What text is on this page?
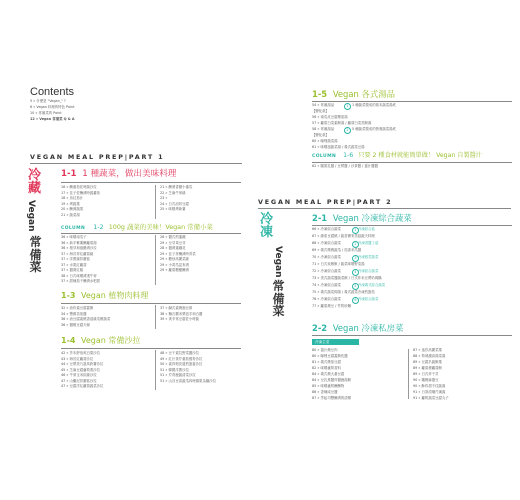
Contents
5 » 什麼是 "Vegan_" ?
6 » Vegan 料理的特色 Point
10 » 常備菜的 Point
12 » Vegan 常備菜 Q & A
VEGAN MEAL PREP|PART 1
冷
藏
Vegan
常
備
菜
1-1 1 種蔬菜，做出美味料理
16 » 醃番茄佐時蔬沙拉
17 » 韭子佐醃漬時蔬蕃茄
18 » 烏紅茄汁
19 » 烤蔬捲
20 » 醃漬蔬果
21 » 蔬菜湯
21 » 醃漬香蘑小番瓜
22 » 芝麻牛蒡絲
23 »
24 » 日式涼拌豆腐
25 » 味噌烤新薯
COLUMN 1-2 100g 蔬菜的美味！Vegan 常備小菜
36 » 味噌南瓜子
36 » 新芋紫薯醃蘿蔔湯
36 » 根芽和風醋漬沙拉
37 » 海苔拌紅蘿蔔絲
37 » 洋蔥絲拌蘑菇
37 » 水果紅蘿蔔
37 » 醬漬紅椒
38 » 日式味噌漬淺牛蒡
37 » 甜辣茄干醃漬水杷甜
28 » 醬式煎蓮藕
29 » 豆芽黃豆芽
28 » 醬漬蓮藕花
29 » 韭子拌醃漬時青菜
29 » 糖炒高麗菜絲
29 » 小黃瓜昆布漬
29 » 蘿蔔糖醋醃漬
1-3 Vegan 植物肉料理
32 » 油炸素豆腐蓋飯
34 » 豐郵苗茄醬
36 » 油豆腐素燒香菇絲瓜燉蔬菜
36 » 醬燒豆腐天婦
37 » 鹹式素燒豌豆兩
38 » 麵衣糯米漿泡芋和白醬
39 » 爽辛常豆腐佐小時蔬
1-4 Vegan 常備沙拉
42 » 芥末舒佰莢白果沙拉
43 » 海苔紅蘿蔔沙拉
44 » 豆漿美乃滋馬鈴薯沙拉
45 » 芝麻豆腐蘆筍燕沙拉
46 » 牛蒡玉米綜絲沙拉
47 » 山藥尼拌蘑菇沙拉
47 » 豆腐洋紅蘿蔔蔬菜沙拉
48 » 豆干素拉野菜醬沙拉
49 » 紅汁茶芹番茄藜麥沙拉
50 » 素肉帕皮邊煎蛋薑沙拉
51 » 韓國洋蔥沙拉
51 » 芹青鹿蔬清菜沙拉
51 » 山谷豆高蔬瓜四時繽果為鍋沙拉
1-5 Vegan 各式湯品
54 » 常備湯品	1	1 種蔬菜製成的基本蔬菜湯底
【變化款】
56 » 南瓜皮豆腐燉茄湯
57 » 蘿蔔白菜素飯湯 / 蘿蔔白菜蒸飯湯
58 » 常備湯品	2	5 種蔬菜製成的營養蔬菜湯底
【變化款】
60 » 咖哩蔬菜湯
61 » 味噌風蔬菜湯 / 義式蔬菜豆湯
COLUMN 1-6 只要 2 種食材就能簡單做！ Vegan 自製醬汁
62 » 腰果乳醬 / 豆漿醬 / 沙茶醬 / 薑汁醬醬
VEGAN MEAL PREP|PART 2
冷
凍
Vegan
常
備
菜
2-1 Vegan 冷凍綜合蔬菜
66 » 冷凍綜合蔬菜	1 冷凍綜合菇
67 » 綠茄豆腐燒 / 蔬香蕎麥蒸菇蔬天料理
68 » 冷凍綜合蔬菜	2 冷凍香醬工菇
69 » 義式燉燒蔬瓜 / 茄漆米瓜醬
70 » 冷凍綜合蔬菜	3 冷凍根莖蔬菜
71 » 日式炊飯飯 / 蔬菜味噌野菜湯
72 » 冷凍綜合蔬菜	4 冷凍綜合蔬菜
73 » 美式蔬菜醬蔬菜飯 / 日式炸米豆漿奶焗鍋
74 » 冷凍綜合蔬菜	5 冷凍義式綜合蔬菜
75 » 義式蔬菜焗湯 / 義式蔬菜冷凍煎蛋茄
76 » 冷凍綜合蔬菜	6 冷凍綜合蔬菜
77 » 蘿蔔燒豆 / 竹筍炒麵
2-2 Vegan 冷凍私房菜
冷凍主菜
80 » 薑汁燒豆肉
80 » 咖哩豆腐蓋飯佐醬
81 » 義式燉茄豆腐
82 » 味噌蘆筍香料
84 » 義式燒大番豆腐
84 » 豆乳燕醬炸醬鹿湯飯
85 » 味噌蘆筍醃醃物
86 » 香辣咸豆醬
87 » 茅起司豐醃漬的清燉
87 » 迷你高麗菜捲
88 » 筍城濾高湯菜湯
89 » 豆腐扒蔬飯捲
89 » 蘿蔔燒蘿蔔飯
89 » 日式炸干貝
90 » 鑲燒麻婆豆
90 » 酥炸甜不佳蔬湯
91 » 日茶清燴芹溪湯
91 » 蘿筍蔬菜豆腐丸子
